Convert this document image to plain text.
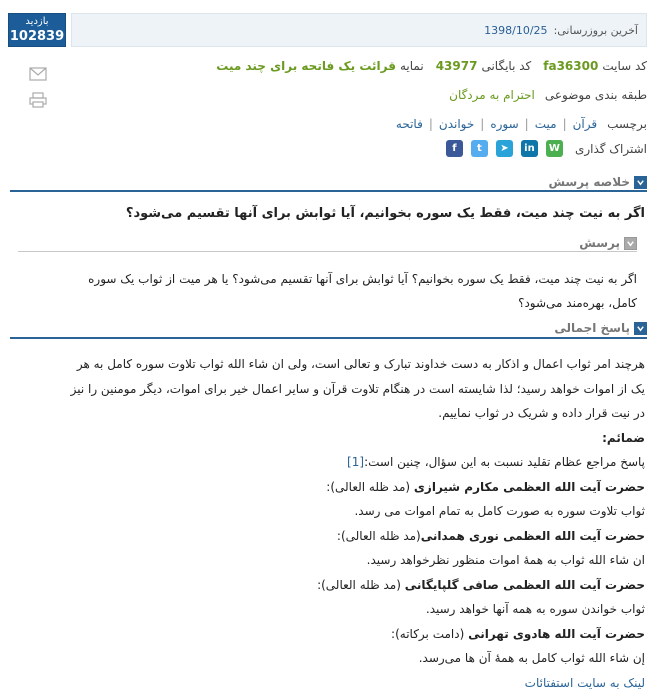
بازدید
102839	آخرین بروزرسانی:
1398/10/25
کد سایت
fa36300
کد بایگانی
43977
نمایه
قرائت یک فاتحه برای چند میت
طبقه بندی موضوعی
احترام به مردگان
برچسب
قرآن
|
میت
|
سوره
|
خواندن
|
فاتحه
اشتراک گذاری
W
in
➤
t
f
خلاصه پرسش
اگر به نیت چند میت، فقط یک سوره بخوانیم، آیا ثوابش برای آنها تقسیم می‌شود؟
پرسش
اگر به نیت چند میت، فقط یک سوره بخوانیم؟ آیا ثوابش برای آنها تقسیم می‌شود؟ یا هر میت از ثواب یک سوره
کامل، بهره‌مند می‌شود؟
پاسخ اجمالی
هرچند امر ثواب اعمال و اذکار به دست خداوند تبارک و تعالی است، ولی ان شاء الله ثواب تلاوت سوره کامل به هر
یک از اموات خواهد رسید؛ لذا شایسته است در هنگام تلاوت قرآن و سایر اعمال خیر برای اموات، دیگر مومنین را نیز
در نیت قرار داده و شریک در ثواب نماییم.
ضمائم:
پاسخ مراجع عظام تقلید نسبت به این سؤال، چنین است:[1]
حضرت آیت الله العظمی مکارم شیرازی (مد ظله العالی):
ثواب تلاوت سوره به صورت کامل به تمام اموات می رسد.
حضرت آیت الله العظمی نوری همدانی(مد ظله العالی):
ان شاء الله ثواب به همهٔ اموات منظور نظرخواهد رسید.
حضرت آیت الله العظمی صافی گلپایگانی (مد ظله العالی):
ثواب خواندن سوره به همه آنها خواهد رسید.
حضرت آیت الله هادوی تهرانی (دامت برکاته):
إن شاء الله ثواب کامل به همهٔ آن ها می‌رسد.
لینک به سایت استفتائات
